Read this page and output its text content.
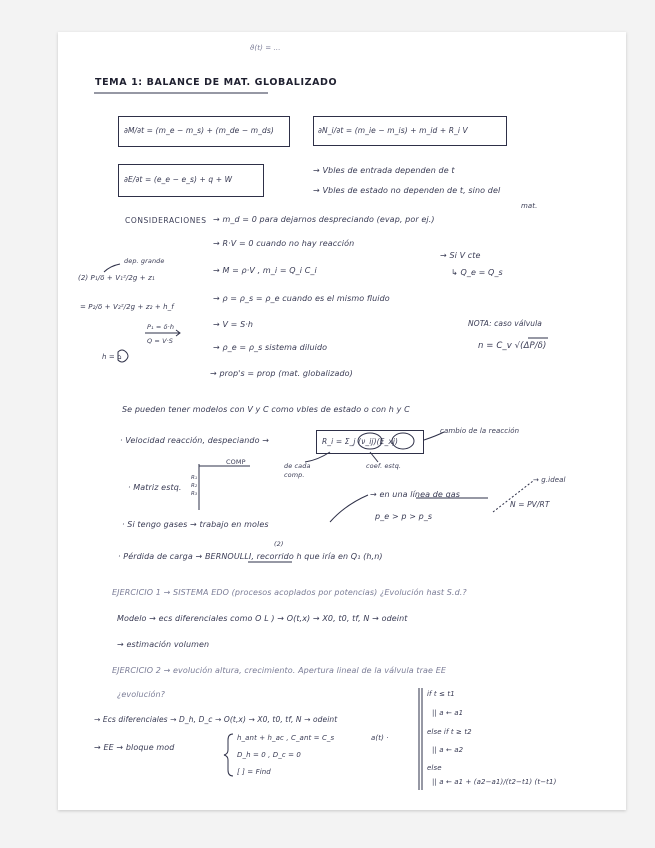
ϑ(t) = ...
TEMA 1: BALANCE DE MAT. GLOBALIZADO
∂M/∂t = (m_e − m_s) + (m_de − m_ds)	∂N_i/∂t = (m_ie − m_is) + m_id + R_i V
∂E/∂t = (e_e − e_s) + q + W
→ Vbles de entrada dependen de t
→ Vbles de estado no dependen de t, sino del
mat.
CONSIDERACIONES → m_d = 0 para dejarnos despreciando (evap, por ej.)
→ R·V = 0 cuando no hay reacción
→ M = ρ·V , m_i = Q_i C_i
→ ρ = ρ_s = ρ_e cuando es el mismo fluido
→ V = S·h
→ ρ_e = ρ_s sistema diluido
→ prop's = prop (mat. globalizado)
→ Si V cte
↳ Q_e = Q_s
NOTA: caso válvula
n = C_v √(ΔP/δ)
dep. grande
(2) P₁/δ + V₁²/2g + z₁
= P₂/δ + V₂²/2g + z₂ + h_f
P₁ = δ·h
Q = V·S
h = ⌂
Se pueden tener modelos con V y C como vbles de estado o con h y C
· Velocidad reacción, despeciando →	R_i = Σ_j (ν_ij)(E_xj)
cambio de la reacción
de cada comp.
coef. estq.
COMP
· Matriz estq.
R₁ R₂ R₃	→ en una línea de gas
p_e > p > p_s
→ g.ideal
N = PV/RT
· Si tengo gases → trabajo en moles
(2)
· Pérdida de carga → BERNOULLI, recorrido h que iría en Q₁ (h,n)
EJERCICIO 1 → SISTEMA EDO (procesos acoplados por potencias) ¿Evolución hast S.d.?
Modelo → ecs diferenciales como O L ) → O(t,x) → X0, t0, tf, N → odeint
→ estimación volumen
EJERCICIO 2 → evolución altura, crecimiento. Apertura lineal de la válvula trae EE
¿evolución?
→ Ecs diferenciales → D_h, D_c → O(t,x) → X0, t0, tf, N → odeint
→ EE → bloque mod
h_ant + h_ac , C_ant = C_s
D_h = 0 , D_c = 0
[ ] = Find
a(t) ·
if t ≤ t1
|| a ← a1
else if t ≥ t2
|| a ← a2
else
|| a ← a1 + (a2−a1)/(t2−t1) (t−t1)
